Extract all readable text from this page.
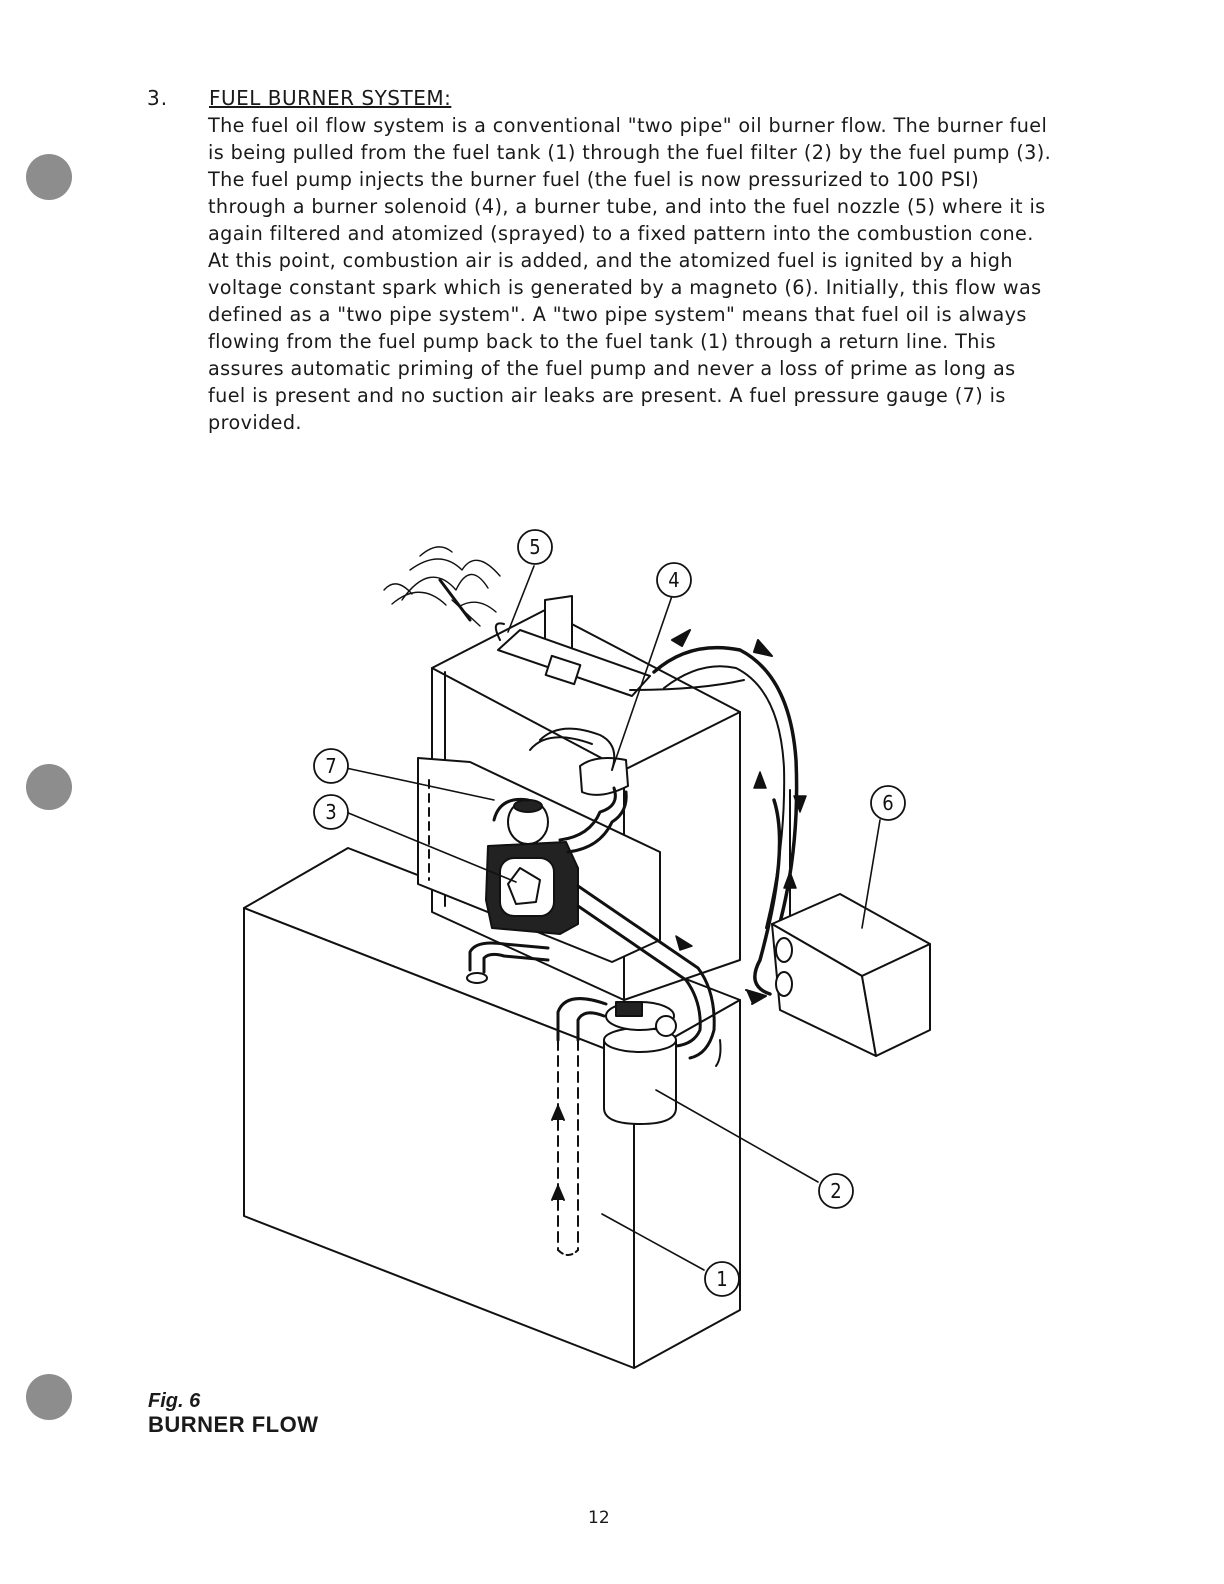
3. FUEL BURNER SYSTEM:
The fuel oil flow system is a conventional "two pipe" oil burner flow. The burner fuel is being pulled from the fuel tank (1) through the fuel filter (2) by the fuel pump (3). The fuel pump injects the burner fuel (the fuel is now pressurized to 100 PSI) through a burner solenoid (4), a burner tube, and into the fuel nozzle (5) where it is again filtered and atomized (sprayed) to a fixed pattern into the combustion cone. At this point, combustion air is added, and the atomized fuel is ignited by a high voltage constant spark which is generated by a magneto (6). Initially, this flow was defined as a "two pipe system". A "two pipe system" means that fuel oil is always flowing from the fuel pump back to the fuel tank (1) through a return line. This assures automatic priming of the fuel pump and never a loss of prime as long as fuel is present and no suction air leaks are present. A fuel pressure gauge (7) is provided.
5
4
7
3	6
2
1
Fig. 6
BURNER FLOW
12
